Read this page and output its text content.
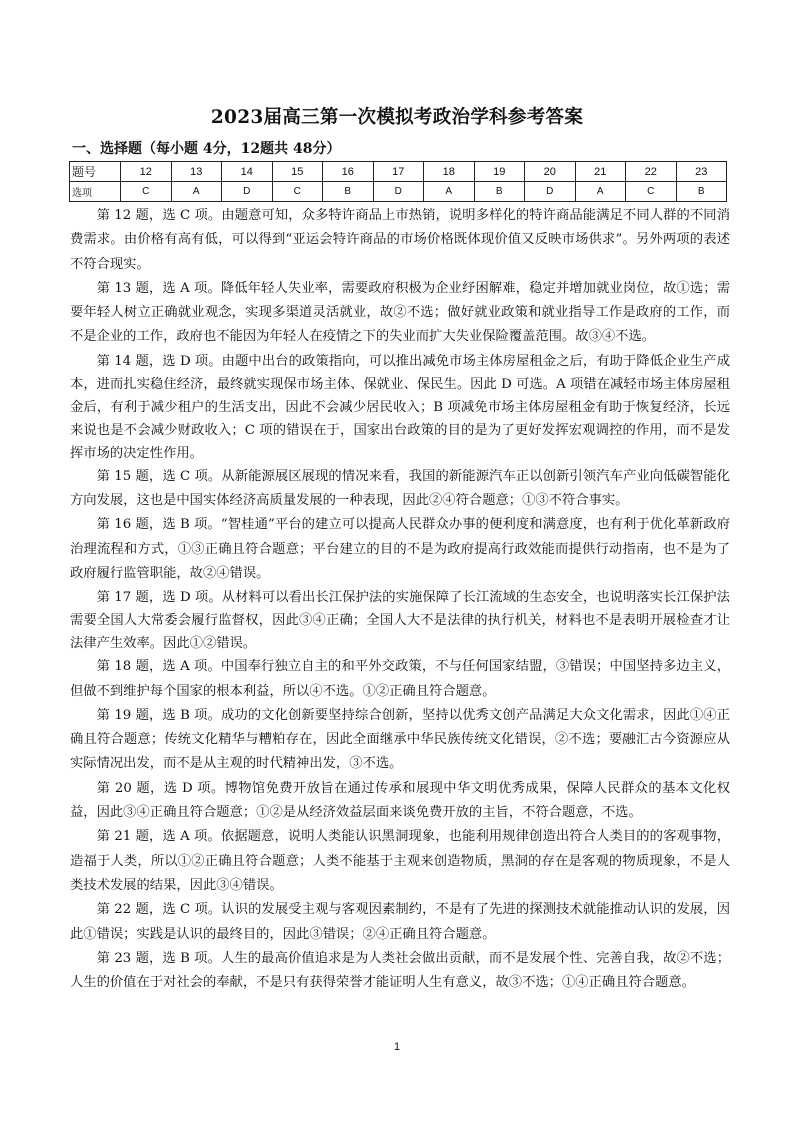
2023届高三第一次模拟考政治学科参考答案
一、选择题（每小题 4分，12题共 48分）
题号	12	13	14	15	16	17	18	19	20	21	22	23
选项	C	A	D	C	B	D	A	B	D	A	C	B

第 12 题，选 C 项。由题意可知，众多特许商品上市热销，说明多样化的特许商品能满足不同人群的不同消费需求。由价格有高有低，可以得到“亚运会特许商品的市场价格既体现价值又反映市场供求”。另外两项的表述不符合现实。

第 13 题，选 A 项。降低年轻人失业率，需要政府积极为企业纾困解难，稳定并增加就业岗位，故①选；需要年轻人树立正确就业观念，实现多渠道灵活就业，故②不选；做好就业政策和就业指导工作是政府的工作，而不是企业的工作，政府也不能因为年轻人在疫情之下的失业而扩大失业保险覆盖范围。故③④不选。

第 14 题，选 D 项。由题中出台的政策指向，可以推出减免市场主体房屋租金之后，有助于降低企业生产成本，进而扎实稳住经济，最终就实现保市场主体、保就业、保民生。因此 D 可选。A 项错在减轻市场主体房屋租金后，有利于减少租户的生活支出，因此不会减少居民收入；B 项减免市场主体房屋租金有助于恢复经济，长远来说也是不会减少财政收入；C 项的错误在于，国家出台政策的目的是为了更好发挥宏观调控的作用，而不是发挥市场的决定性作用。

第 15 题，选 C 项。从新能源展区展现的情况来看，我国的新能源汽车正以创新引领汽车产业向低碳智能化方向发展，这也是中国实体经济高质量发展的一种表现，因此②④符合题意；①③不符合事实。

第 16 题，选 B 项。“智桂通”平台的建立可以提高人民群众办事的便利度和满意度，也有利于优化革新政府治理流程和方式，①③正确且符合题意；平台建立的目的不是为政府提高行政效能而提供行动指南，也不是为了政府履行监管职能，故②④错误。

第 17 题，选 D 项。从材料可以看出长江保护法的实施保障了长江流域的生态安全，也说明落实长江保护法需要全国人大常委会履行监督权，因此③④正确；全国人大不是法律的执行机关，材料也不是表明开展检查才让法律产生效率。因此①②错误。

第 18 题，选 A 项。中国奉行独立自主的和平外交政策，不与任何国家结盟，③错误；中国坚持多边主义，但做不到维护每个国家的根本利益，所以④不选。①②正确且符合题意。

第 19 题，选 B 项。成功的文化创新要坚持综合创新，坚持以优秀文创产品满足大众文化需求，因此①④正确且符合题意；传统文化精华与糟粕存在，因此全面继承中华民族传统文化错误，②不选；要融汇古今资源应从实际情况出发，而不是从主观的时代精神出发，③不选。

第 20 题，选 D 项。博物馆免费开放旨在通过传承和展现中华文明优秀成果，保障人民群众的基本文化权益，因此③④正确且符合题意；①②是从经济效益层面来谈免费开放的主旨，不符合题意，不选。

第 21 题，选 A 项。依据题意，说明人类能认识黑洞现象，也能利用规律创造出符合人类目的的客观事物，造福于人类，所以①②正确且符合题意；人类不能基于主观来创造物质，黑洞的存在是客观的物质现象，不是人类技术发展的结果，因此③④错误。

第 22 题，选 C 项。认识的发展受主观与客观因素制约，不是有了先进的探测技术就能推动认识的发展，因此①错误；实践是认识的最终目的，因此③错误；②④正确且符合题意。

第 23 题，选 B 项。人生的最高价值追求是为人类社会做出贡献，而不是发展个性、完善自我，故②不选；人生的价值在于对社会的奉献，不是只有获得荣誉才能证明人生有意义，故③不选；①④正确且符合题意。

1
